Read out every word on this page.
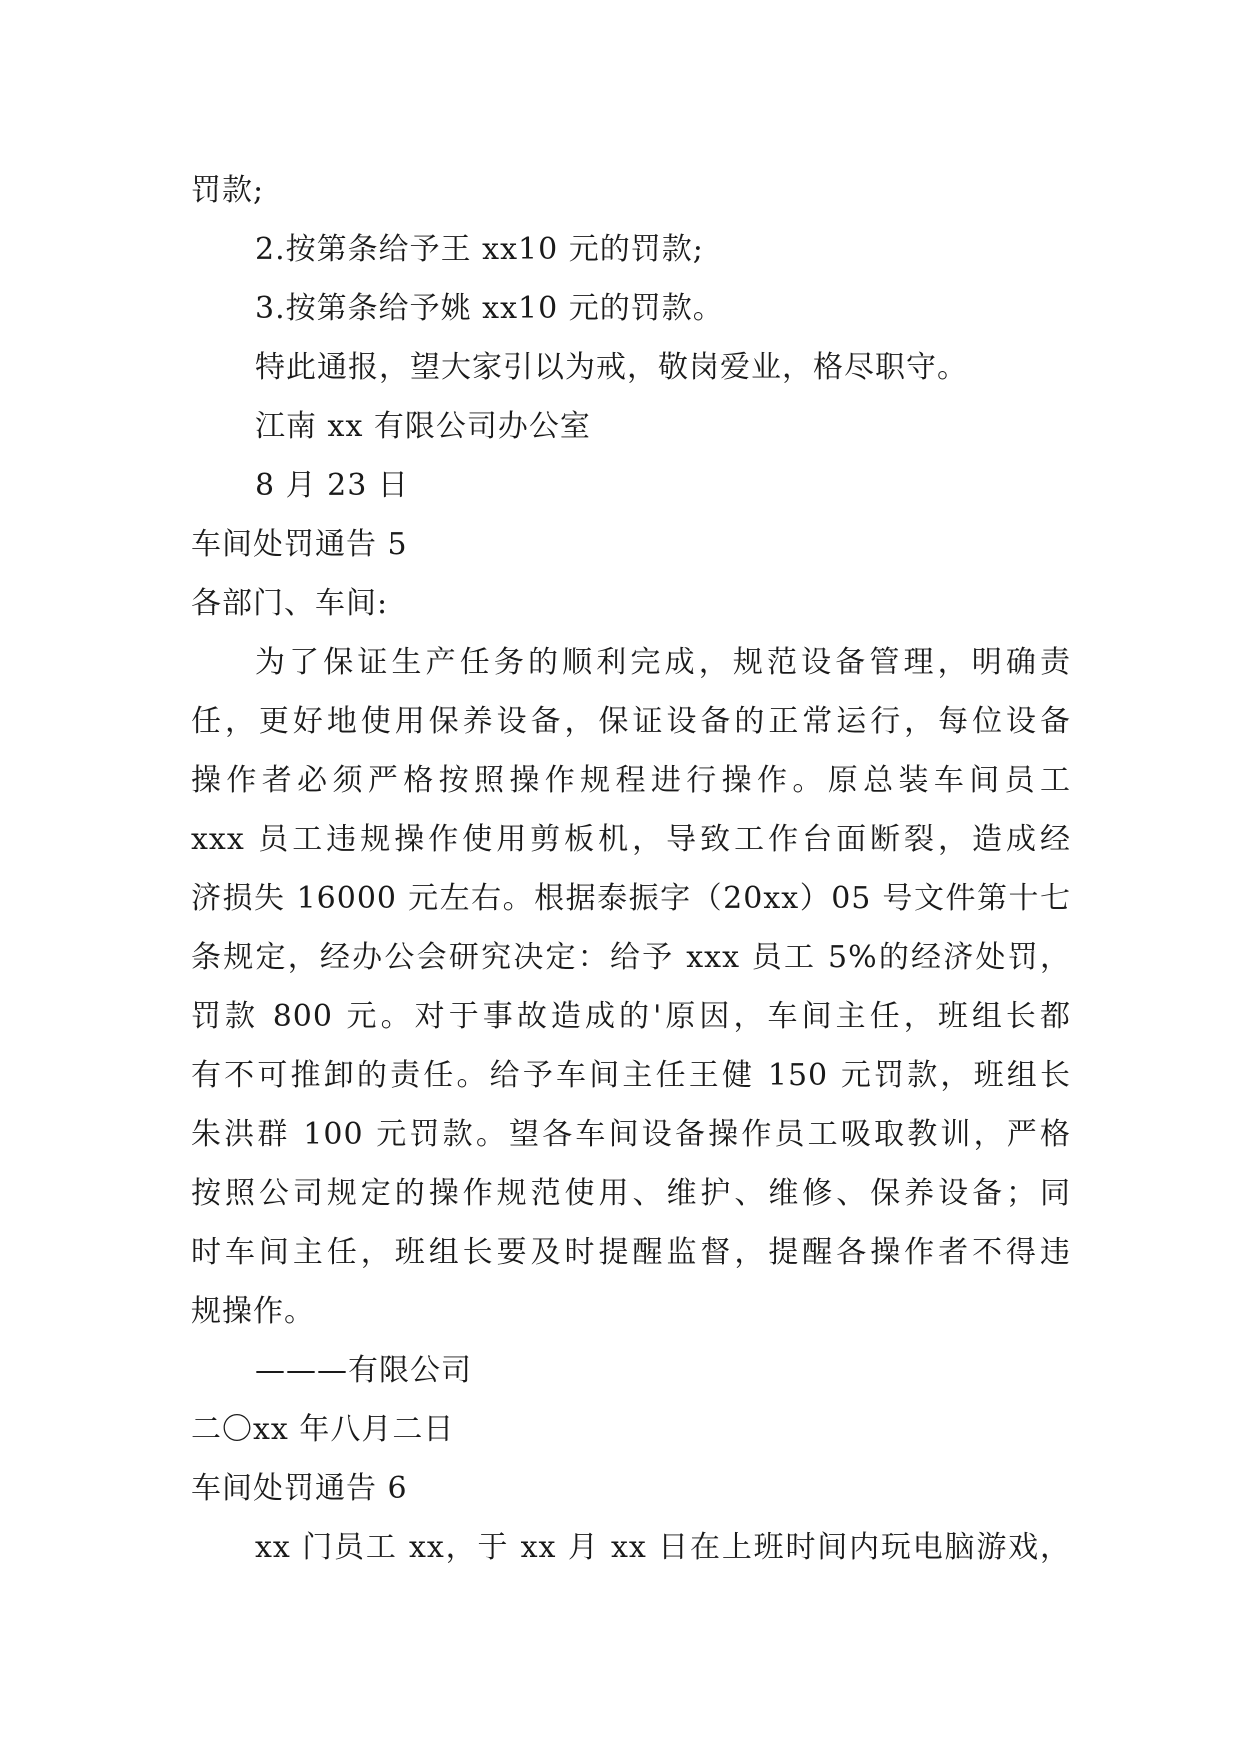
罚款;
2.按第条给予王 xx10 元的罚款;
3.按第条给予姚 xx10 元的罚款。
特此通报，望大家引以为戒，敬岗爱业，格尽职守。
江南 xx 有限公司办公室
8 月 23 日
车间处罚通告 5
各部门、车间:
为了保证生产任务的顺利完成，规范设备管理，明确责
任，更好地使用保养设备，保证设备的正常运行，每位设备
操作者必须严格按照操作规程进行操作。原总装车间员工
xxx 员工违规操作使用剪板机，导致工作台面断裂，造成经
济损失 16000 元左右。根据泰振字（20xx）05 号文件第十七
条规定，经办公会研究决定：给予 xxx 员工 5%的经济处罚，
罚款 800 元。对于事故造成的'原因，车间主任，班组长都
有不可推卸的责任。给予车间主任王健 150 元罚款，班组长
朱洪群 100 元罚款。望各车间设备操作员工吸取教训，严格
按照公司规定的操作规范使用、维护、维修、保养设备；同
时车间主任，班组长要及时提醒监督，提醒各操作者不得违
规操作。
———有限公司
二〇xx 年八月二日
车间处罚通告 6
xx 门员工 xx，于 xx 月 xx 日在上班时间内玩电脑游戏，
